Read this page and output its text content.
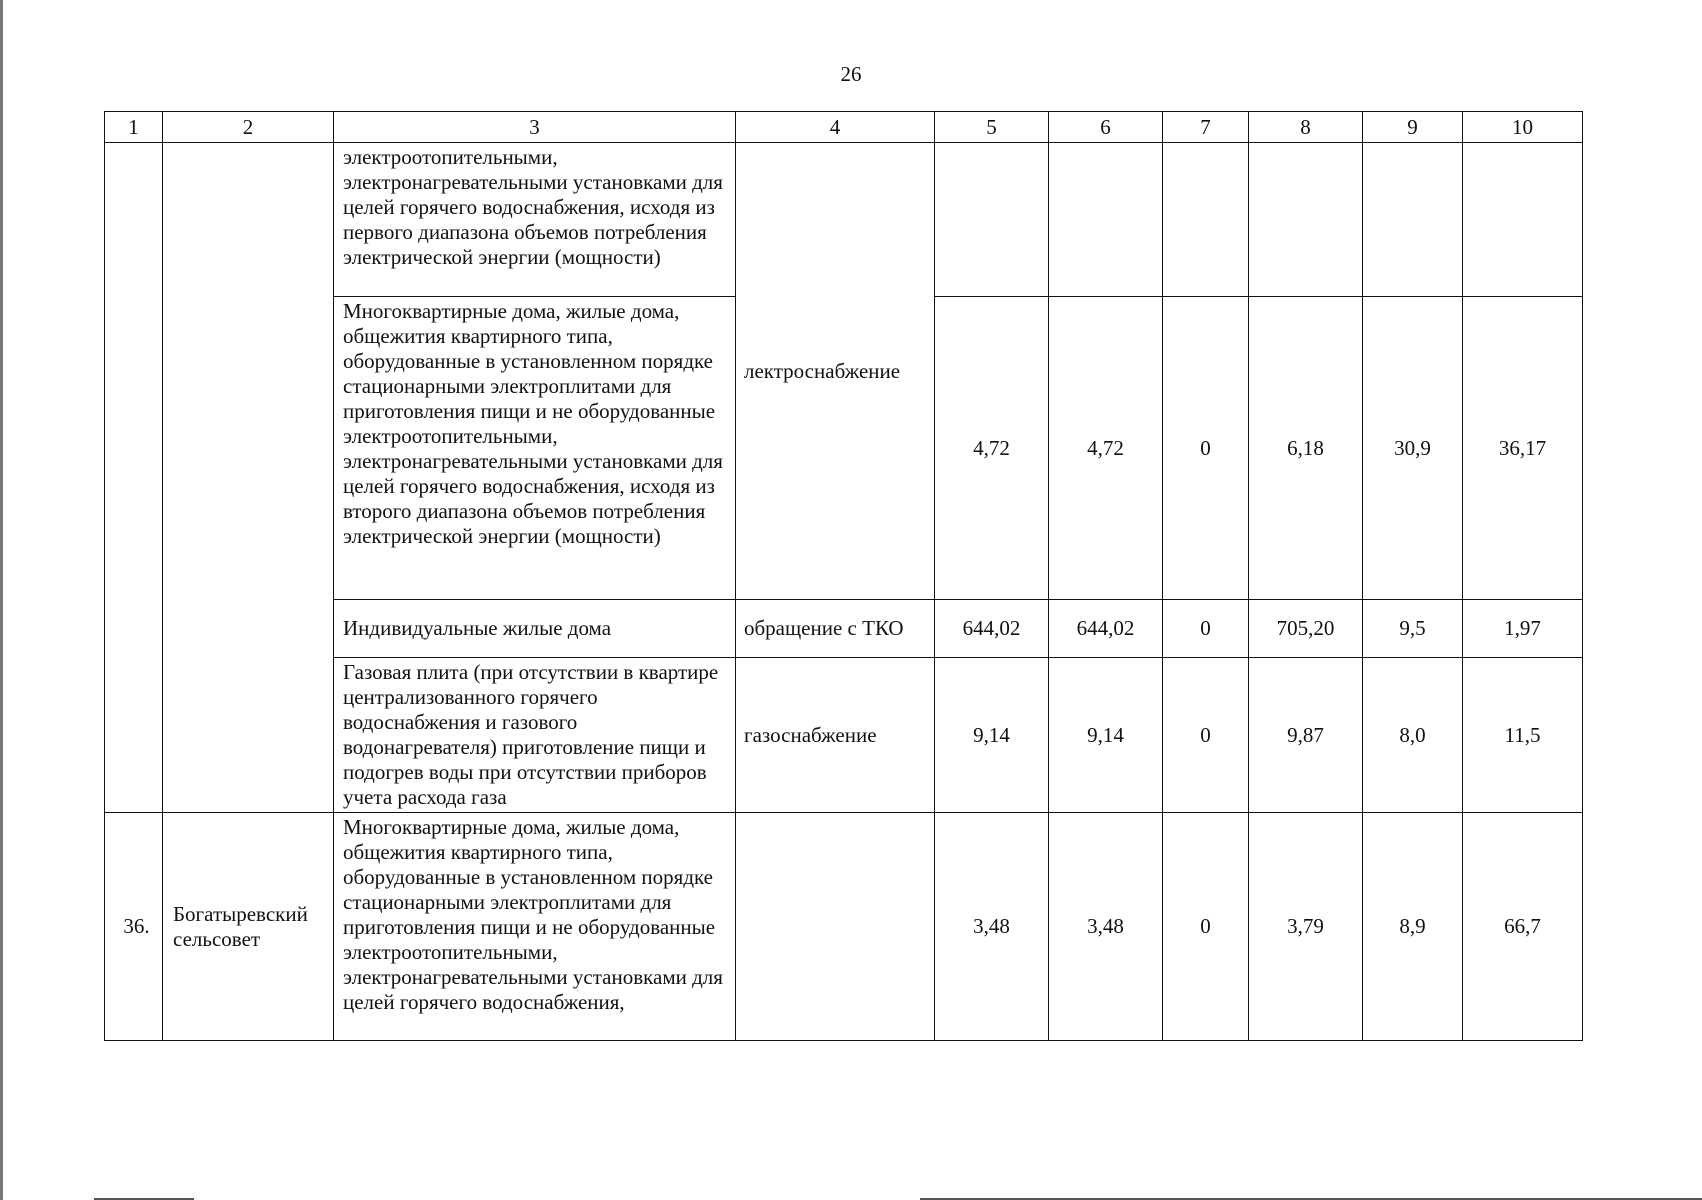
26
1	2	3	4	5	6	7	8	9	10
		электроотопительными, электронагревательными установками для целей горячего водоснабжения, исходя из первого диапазона объемов потребления электрической энергии (мощности)	лектроснабжение						
		Многоквартирные дома, жилые дома, общежития квартирного типа, оборудованные в установленном порядке стационарными электроплитами для приготовления пищи и не оборудованные электроотопительными, электронагревательными установками для целей горячего водоснабжения, исходя из второго диапазона объемов потребления электрической энергии (мощности)		4,72	4,72	0	6,18	30,9	36,17
		Индивидуальные жилые дома	обращение с ТКО	644,02	644,02	0	705,20	9,5	1,97
		Газовая плита (при отсутствии в квартире централизованного горячего водоснабжения и газового водонагревателя) приготовление пищи и подогрев воды при отсутствии приборов учета расхода газа	газоснабжение	9,14	9,14	0	9,87	8,0	11,5
36.	Богатыревский сельсовет	Многоквартирные дома, жилые дома, общежития квартирного типа, оборудованные в установленном порядке стационарными электроплитами для приготовления пищи и не оборудованные электроотопительными, электронагревательными установками для целей горячего водоснабжения,		3,48	3,48	0	3,79	8,9	66,7
